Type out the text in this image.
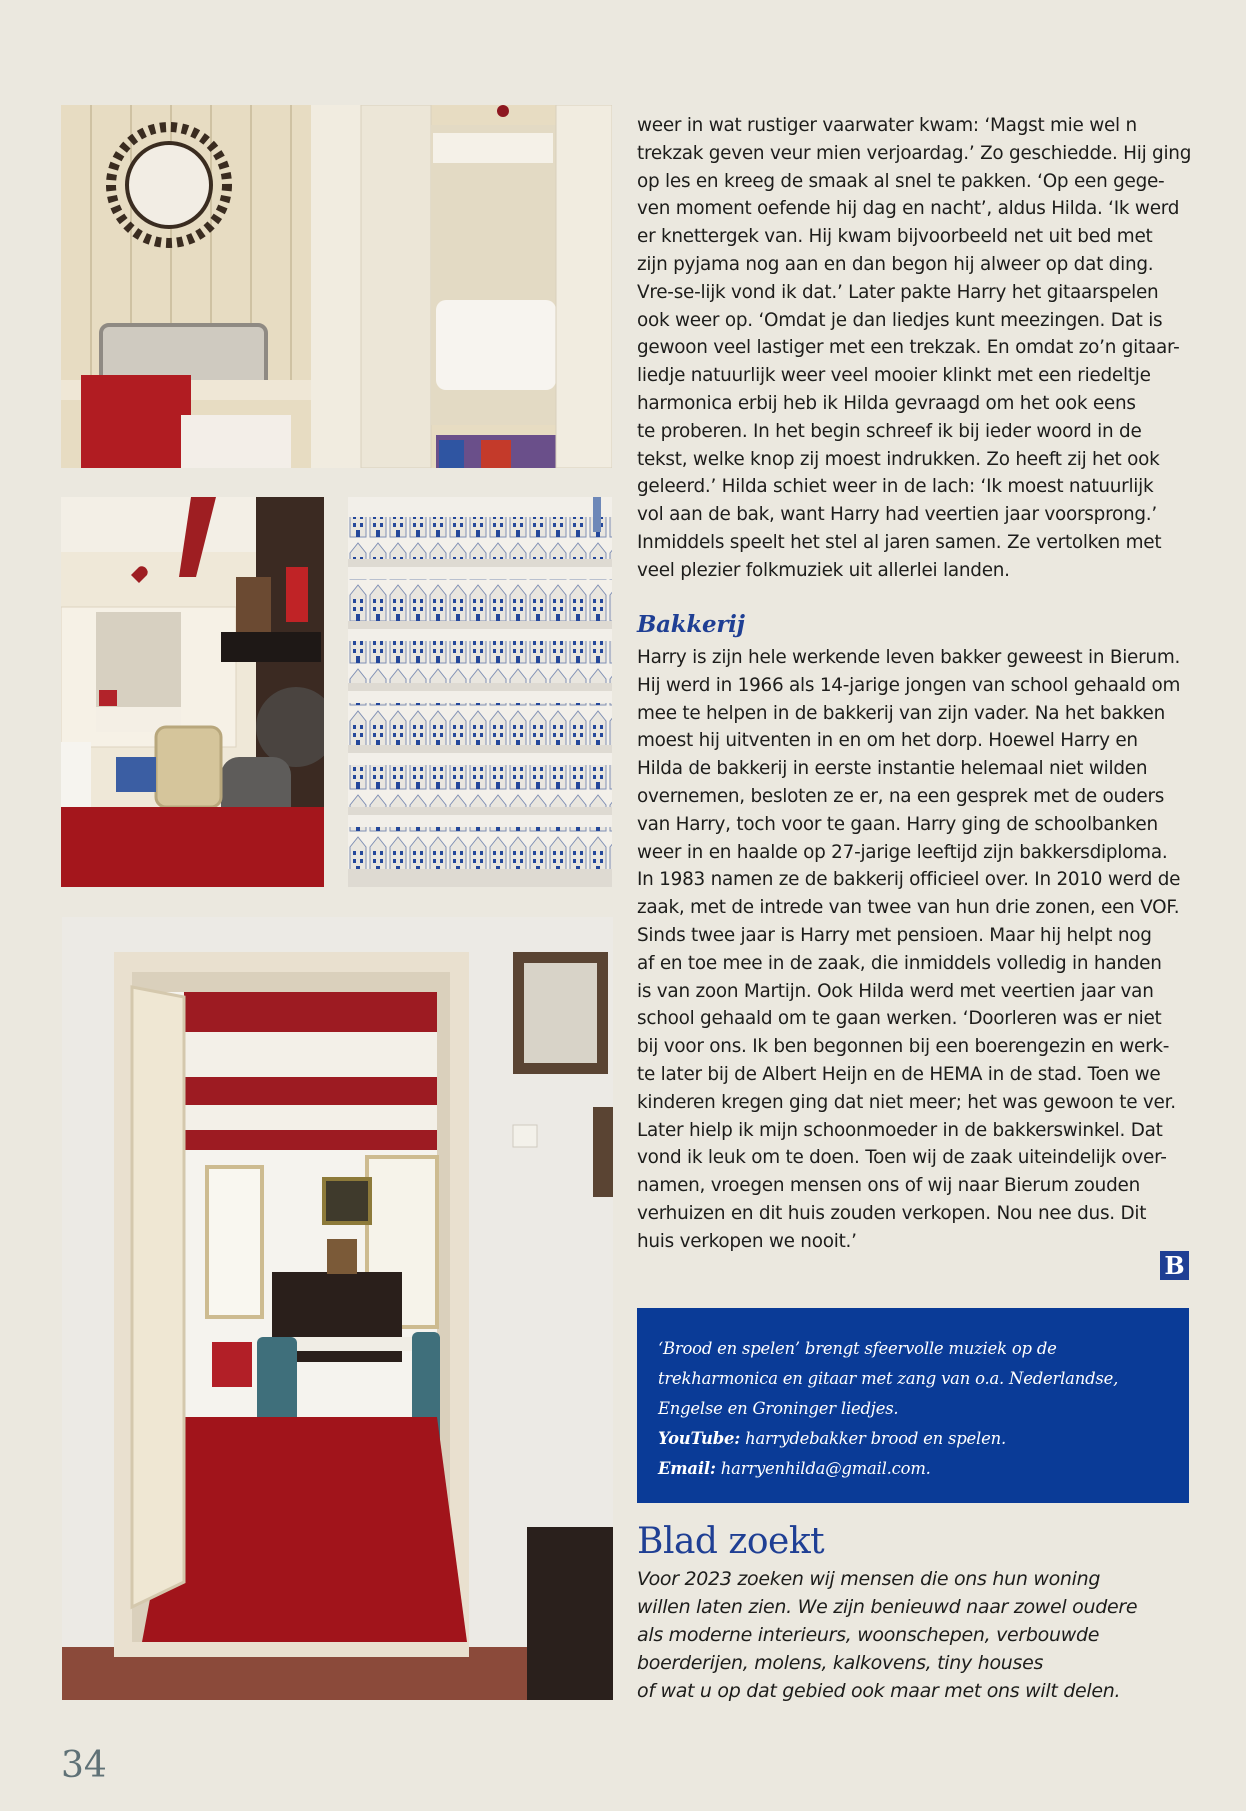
weer in wat rustiger vaarwater kwam: ‘Magst mie wel n
trekzak geven veur mien verjoardag.’ Zo geschiedde. Hij ging
op les en kreeg de smaak al snel te pakken. ‘Op een gege-
ven moment oefende hij dag en nacht’, aldus Hilda. ‘Ik werd
er knettergek van. Hij kwam bijvoorbeeld net uit bed met
zijn pyjama nog aan en dan begon hij alweer op dat ding.
Vre-se-lijk vond ik dat.’ Later pakte Harry het gitaarspelen
ook weer op. ‘Omdat je dan liedjes kunt meezingen. Dat is
gewoon veel lastiger met een trekzak. En omdat zo’n gitaar-
liedje natuurlijk weer veel mooier klinkt met een riedeltje
harmonica erbij heb ik Hilda gevraagd om het ook eens
te proberen. In het begin schreef ik bij ieder woord in de
tekst, welke knop zij moest indrukken. Zo heeft zij het ook
geleerd.’ Hilda schiet weer in de lach: ‘Ik moest natuurlijk
vol aan de bak, want Harry had veertien jaar voorsprong.’
Inmiddels speelt het stel al jaren samen. Ze vertolken met
veel plezier folkmuziek uit allerlei landen.

Bakkerij

Harry is zijn hele werkende leven bakker geweest in Bierum.
Hij werd in 1966 als 14-jarige jongen van school gehaald om
mee te helpen in de bakkerij van zijn vader. Na het bakken
moest hij uitventen in en om het dorp. Hoewel Harry en
Hilda de bakkerij in eerste instantie helemaal niet wilden
overnemen, besloten ze er, na een gesprek met de ouders
van Harry, toch voor te gaan. Harry ging de schoolbanken
weer in en haalde op 27-jarige leeftijd zijn bakkersdiploma.
In 1983 namen ze de bakkerij officieel over. In 2010 werd de
zaak, met de intrede van twee van hun drie zonen, een VOF.
Sinds twee jaar is Harry met pensioen. Maar hij helpt nog
af en toe mee in de zaak, die inmiddels volledig in handen
is van zoon Martijn. Ook Hilda werd met veertien jaar van
school gehaald om te gaan werken. ‘Doorleren was er niet
bij voor ons. Ik ben begonnen bij een boerengezin en werk-
te later bij de Albert Heijn en de HEMA in de stad. Toen we
kinderen kregen ging dat niet meer; het was gewoon te ver.
Later hielp ik mijn schoonmoeder in de bakkerswinkel. Dat
vond ik leuk om te doen. Toen wij de zaak uiteindelijk over-
namen, vroegen mensen ons of wij naar Bierum zouden
verhuizen en dit huis zouden verkopen. Nou nee dus. Dit
huis verkopen we nooit.’

B
‘Brood en spelen’ brengt sfeervolle muziek op de
trekharmonica en gitaar met zang van o.a. Nederlandse,
Engelse en Groninger liedjes.
YouTube: harrydebakker brood en spelen.
Email: harryenhilda@gmail.com.
Blad zoekt

Voor 2023 zoeken wij mensen die ons hun woning
willen laten zien. We zijn benieuwd naar zowel oudere
als moderne interieurs, woonschepen, verbouwde
boerderijen, molens, kalkovens, tiny houses
of wat u op dat gebied ook maar met ons wilt delen.

34
